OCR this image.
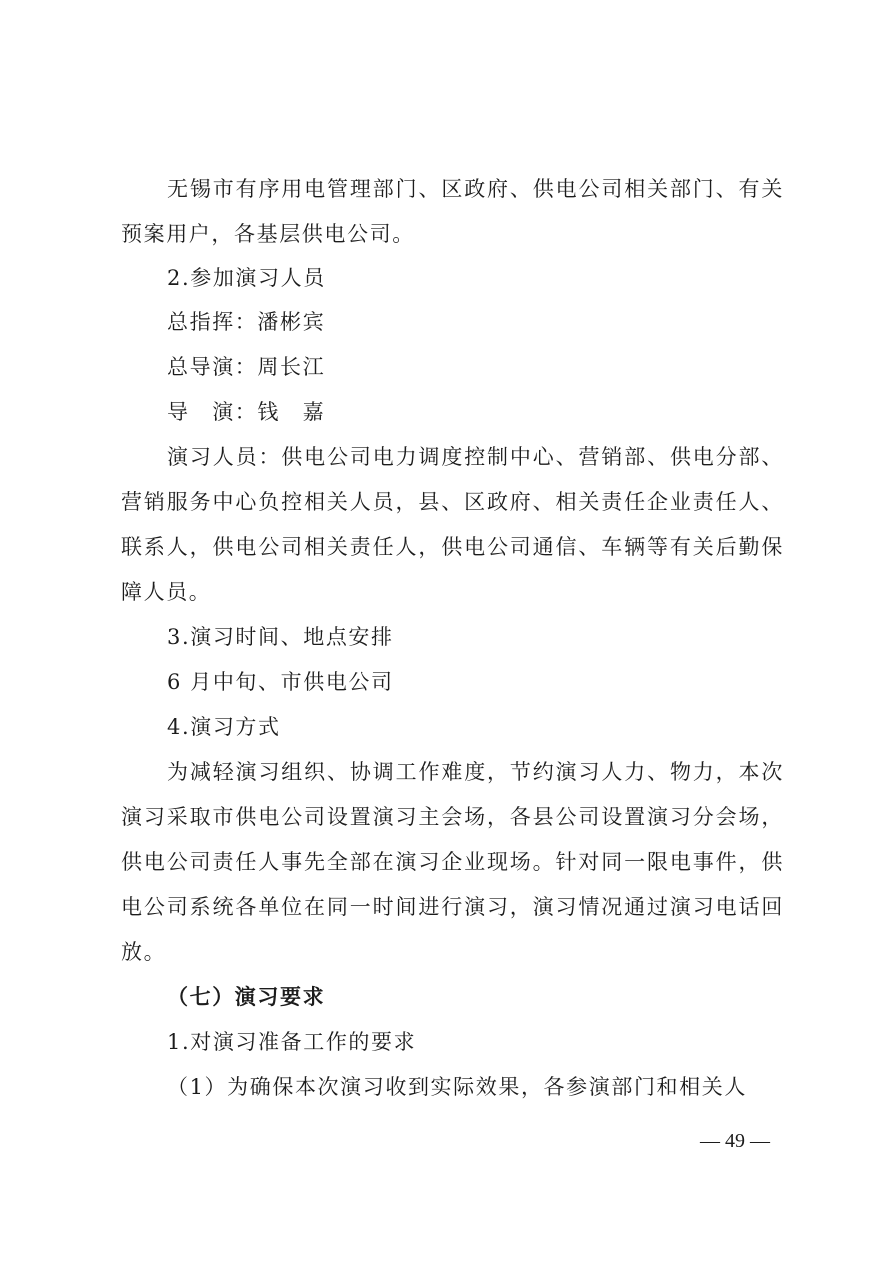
无锡市有序用电管理部门、区政府、供电公司相关部门、有关预案用户，各基层供电公司。

2.参加演习人员

总指挥：潘彬宾

总导演：周长江

导　演：钱　嘉

演习人员：供电公司电力调度控制中心、营销部、供电分部、营销服务中心负控相关人员，县、区政府、相关责任企业责任人、联系人，供电公司相关责任人，供电公司通信、车辆等有关后勤保障人员。

3.演习时间、地点安排

6 月中旬、市供电公司

4.演习方式

为减轻演习组织、协调工作难度，节约演习人力、物力，本次演习采取市供电公司设置演习主会场，各县公司设置演习分会场，供电公司责任人事先全部在演习企业现场。针对同一限电事件，供电公司系统各单位在同一时间进行演习，演习情况通过演习电话回放。

（七）演习要求

1.对演习准备工作的要求

（1）为确保本次演习收到实际效果，各参演部门和相关人

— 49 —
